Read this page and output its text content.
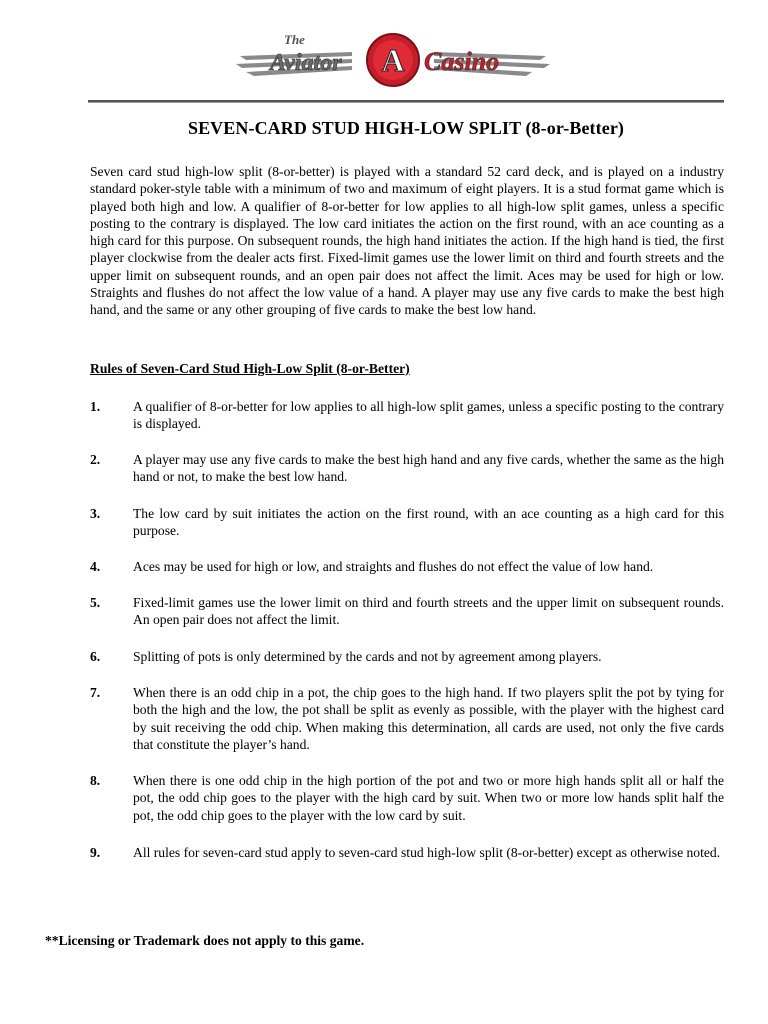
A
The
Aviator	Casino
SEVEN-CARD STUD HIGH-LOW SPLIT (8-or-Better)

Seven card stud high-low split (8-or-better) is played with a standard 52 card deck, and is played on a industry standard poker-style table with a minimum of two and maximum of eight players. It is a stud format game which is played both high and low. A qualifier of 8-or-better for low applies to all high-low split games, unless a specific posting to the contrary is displayed. The low card initiates the action on the first round, with an ace counting as a high card for this purpose. On subsequent rounds, the high hand initiates the action. If the high hand is tied, the first player clockwise from the dealer acts first. Fixed-limit games use the lower limit on third and fourth streets and the upper limit on subsequent rounds, and an open pair does not affect the limit. Aces may be used for high or low. Straights and flushes do not affect the low value of a hand. A player may use any five cards to make the best high hand, and the same or any other grouping of five cards to make the best low hand.

Rules of Seven-Card Stud High-Low Split (8-or-Better)

1.	A qualifier of 8-or-better for low applies to all high-low split games, unless a specific posting to the contrary is displayed.
2.	A player may use any five cards to make the best high hand and any five cards, whether the same as the high hand or not, to make the best low hand.
3.	The low card by suit initiates the action on the first round, with an ace counting as a high card for this purpose.
4.	Aces may be used for high or low, and straights and flushes do not effect the value of low hand.
5.	Fixed-limit games use the lower limit on third and fourth streets and the upper limit on subsequent rounds. An open pair does not affect the limit.
6.	Splitting of pots is only determined by the cards and not by agreement among players.
7.	When there is an odd chip in a pot, the chip goes to the high hand. If two players split the pot by tying for both the high and the low, the pot shall be split as evenly as possible, with the player with the highest card by suit receiving the odd chip. When making this determination, all cards are used, not only the five cards that constitute the player’s hand.
8.	When there is one odd chip in the high portion of the pot and two or more high hands split all or half the pot, the odd chip goes to the player with the high card by suit. When two or more low hands split half the pot, the odd chip goes to the player with the low card by suit.
9.	All rules for seven-card stud apply to seven-card stud high-low split (8-or-better) except as otherwise noted.

**Licensing or Trademark does not apply to this game.
